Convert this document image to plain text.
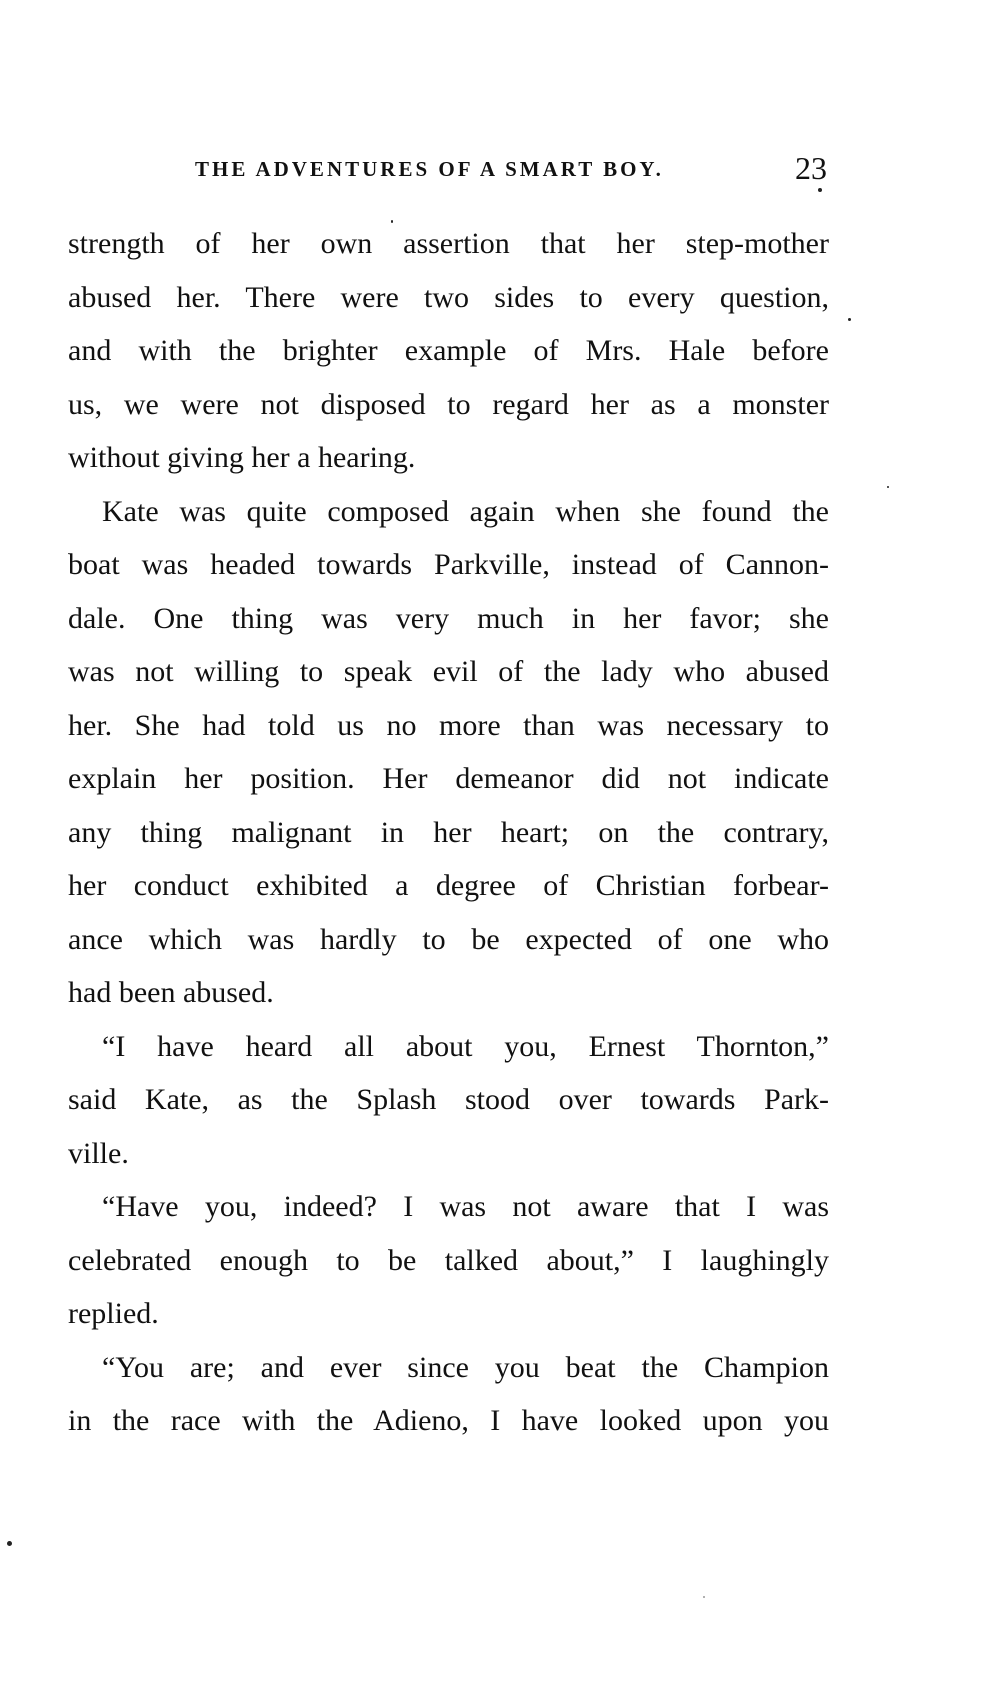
THE ADVENTURES OF A SMART BOY.	23
strength of her own assertion that her step-mother
abused her. There were two sides to every question,
and with the brighter example of Mrs. Hale before
us, we were not disposed to regard her as a monster
without giving her a hearing.
Kate was quite composed again when she found the
boat was headed towards Parkville, instead of Cannon-
dale. One thing was very much in her favor; she
was not willing to speak evil of the lady who abused
her. She had told us no more than was necessary to
explain her position. Her demeanor did not indicate
any thing malignant in her heart; on the contrary,
her conduct exhibited a degree of Christian forbear-
ance which was hardly to be expected of one who
had been abused.
“I have heard all about you, Ernest Thornton,”
said Kate, as the Splash stood over towards Park-
ville.
“Have you, indeed? I was not aware that I was
celebrated enough to be talked about,” I laughingly
replied.
“You are; and ever since you beat the Champion
in the race with the Adieno, I have looked upon you
